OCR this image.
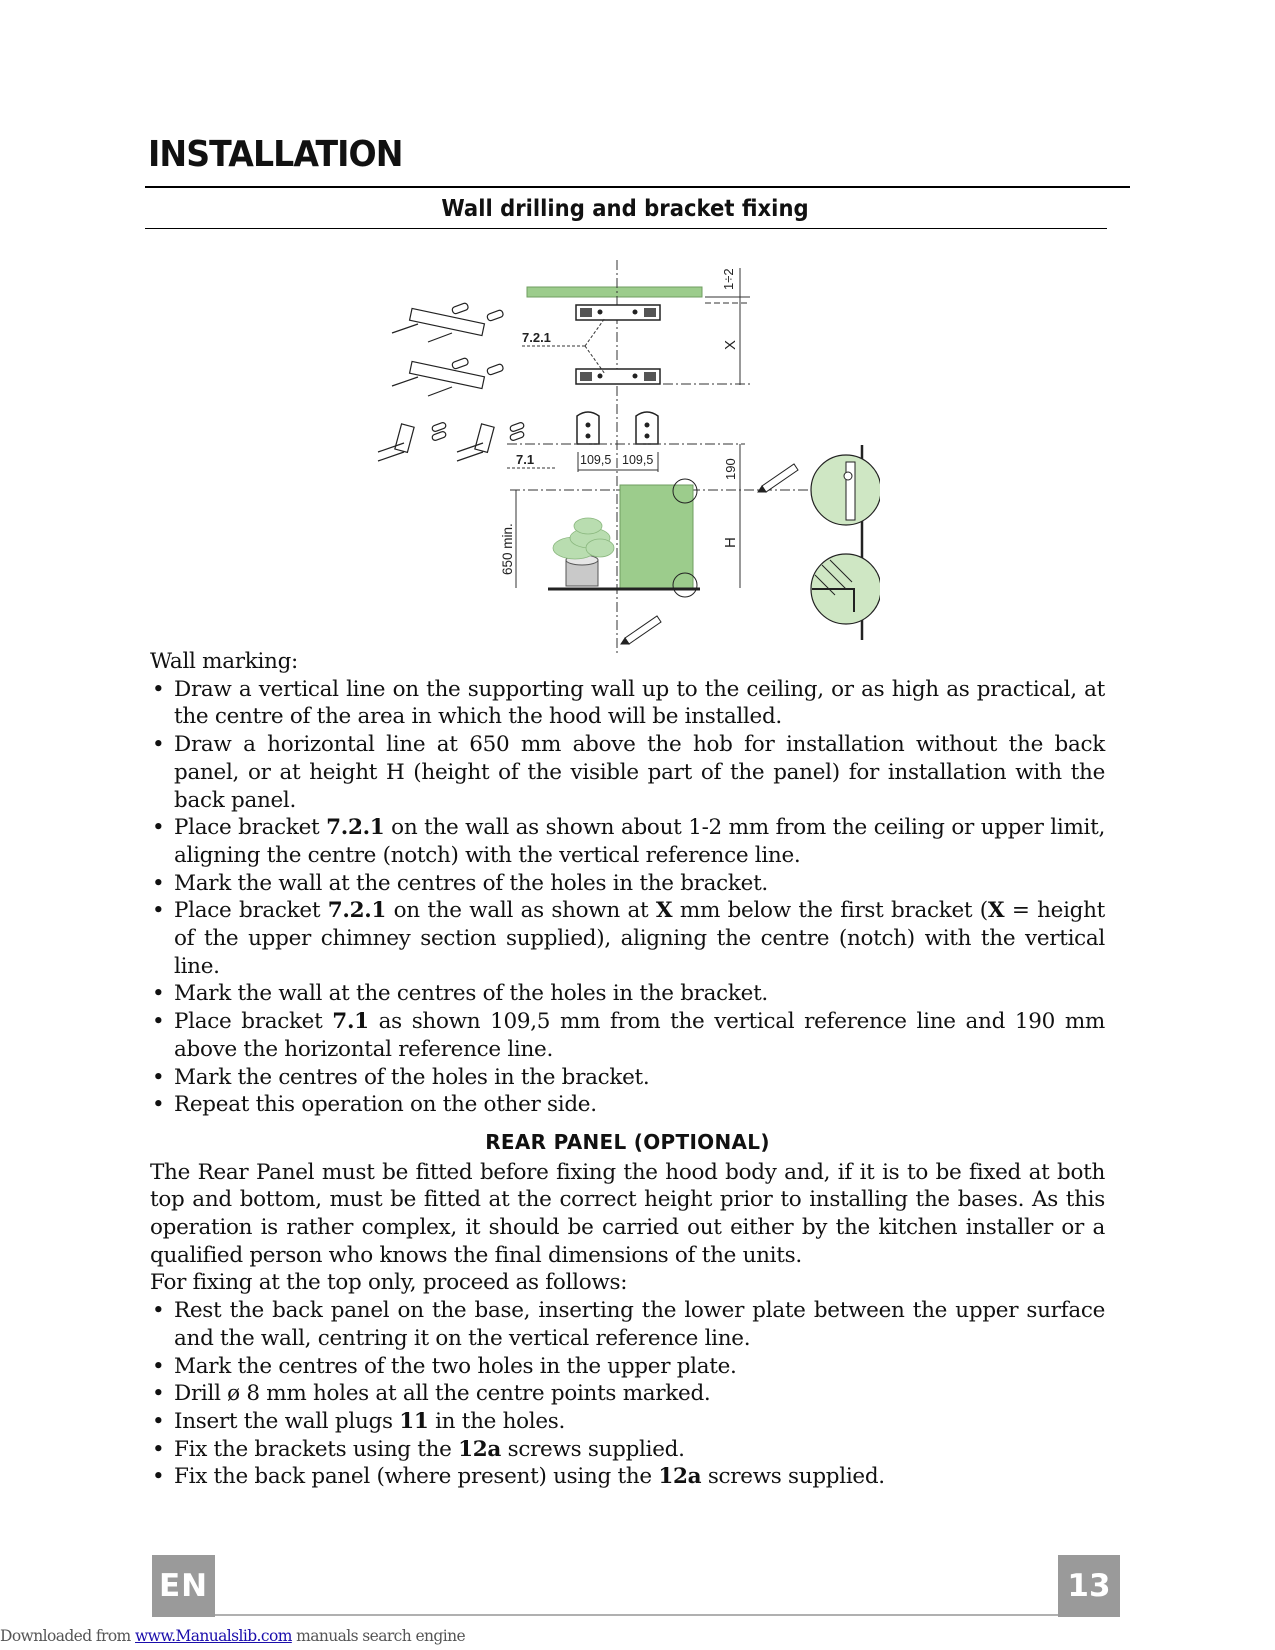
INSTALLATION
Wall drilling and bracket fixing
1÷2
X
7.2.1
7.1	109,5 109,5	190
H
650 min.

Wall marking:

• Draw a vertical line on the supporting wall up to the ceiling, or as high as practical, at the centre of the area in which the hood will be installed.
• Draw a horizontal line at 650 mm above the hob for installation without the back panel, or at height H (height of the visible part of the panel) for installation with the back panel.
• Place bracket 7.2.1 on the wall as shown about 1-2 mm from the ceiling or upper limit, aligning the centre (notch) with the vertical reference line.
• Mark the wall at the centres of the holes in the bracket.
• Place bracket 7.2.1 on the wall as shown at X mm below the first bracket (X = height of the upper chimney section supplied), aligning the centre (notch) with the vertical line.
• Mark the wall at the centres of the holes in the bracket.
• Place bracket 7.1 as shown 109,5 mm from the vertical reference line and 190 mm above the horizontal reference line.
• Mark the centres of the holes in the bracket.
• Repeat this operation on the other side.

REAR PANEL (OPTIONAL)

The Rear Panel must be fitted before fixing the hood body and, if it is to be fixed at both top and bottom, must be fitted at the correct height prior to installing the bases. As this operation is rather complex, it should be carried out either by the kitchen installer or a qualified person who knows the final dimensions of the units.

For fixing at the top only, proceed as follows:

• Rest the back panel on the base, inserting the lower plate between the upper surface and the wall, centring it on the vertical reference line.
• Mark the centres of the two holes in the upper plate.
• Drill ø 8 mm holes at all the centre points marked.
• Insert the wall plugs 11 in the holes.
• Fix the brackets using the 12a screws supplied.
• Fix the back panel (where present) using the 12a screws supplied.
EN	13
Downloaded from www.Manualslib.com manuals search engine
